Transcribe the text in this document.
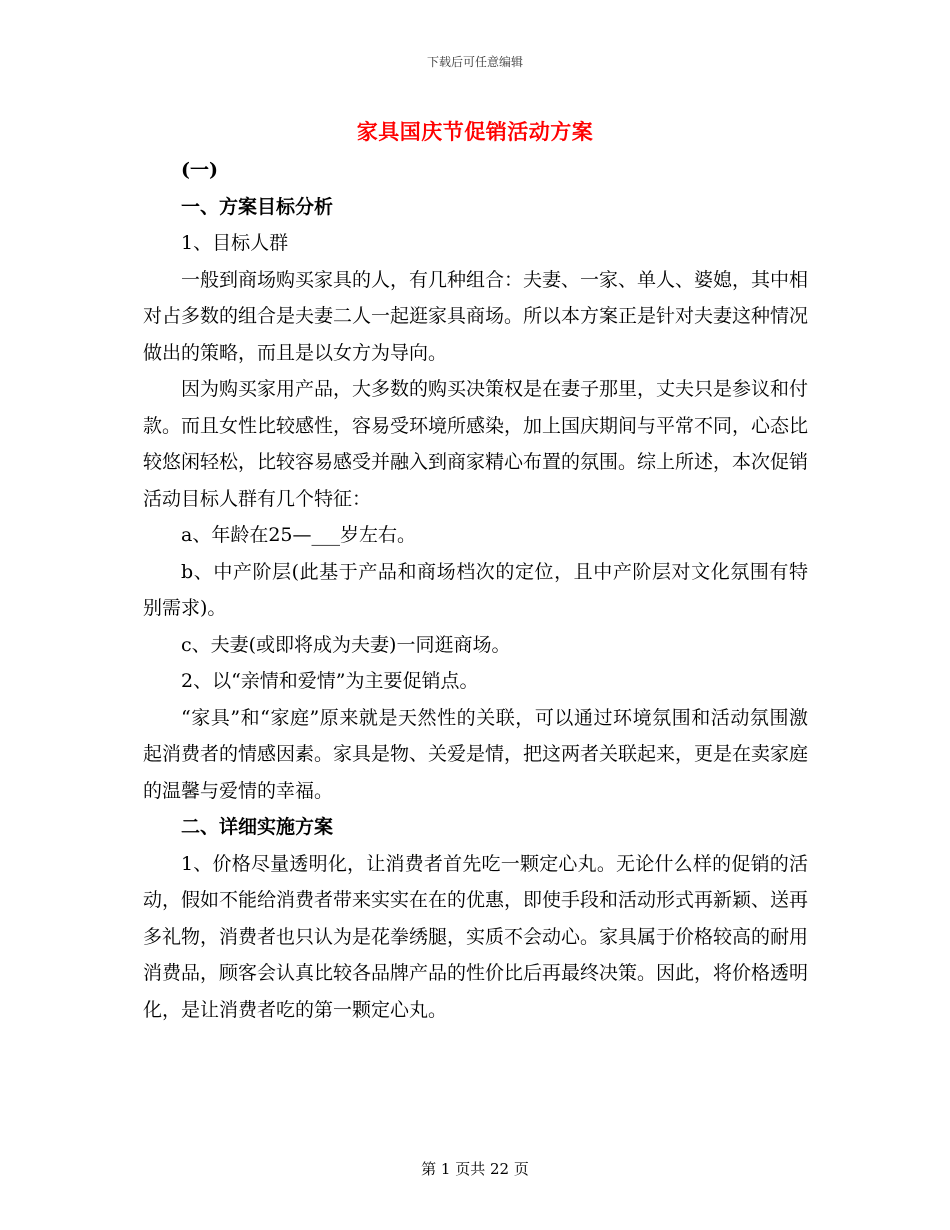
下载后可任意编辑
家具国庆节促销活动方案

(一)

一、方案目标分析

1、目标人群

一般到商场购买家具的人，有几种组合：夫妻、一家、单人、婆媳，其中相对占多数的组合是夫妻二人一起逛家具商场。所以本方案正是针对夫妻这种情况做出的策略，而且是以女方为导向。

因为购买家用产品，大多数的购买决策权是在妻子那里，丈夫只是参议和付款。而且女性比较感性，容易受环境所感染，加上国庆期间与平常不同，心态比较悠闲轻松，比较容易感受并融入到商家精心布置的氛围。综上所述，本次促销活动目标人群有几个特征：

a、年龄在25—___岁左右。

b、中产阶层(此基于产品和商场档次的定位，且中产阶层对文化氛围有特别需求)。

c、夫妻(或即将成为夫妻)一同逛商场。

2、以“亲情和爱情”为主要促销点。

“家具”和“家庭”原来就是天然性的关联，可以通过环境氛围和活动氛围激起消费者的情感因素。家具是物、关爱是情，把这两者关联起来，更是在卖家庭的温馨与爱情的幸福。

二、详细实施方案

1、价格尽量透明化，让消费者首先吃一颗定心丸。无论什么样的促销的活动，假如不能给消费者带来实实在在的优惠，即使手段和活动形式再新颖、送再多礼物，消费者也只认为是花拳绣腿，实质不会动心。家具属于价格较高的耐用消费品，顾客会认真比较各品牌产品的性价比后再最终决策。因此，将价格透明化，是让消费者吃的第一颗定心丸。

第 1 页共 22 页
